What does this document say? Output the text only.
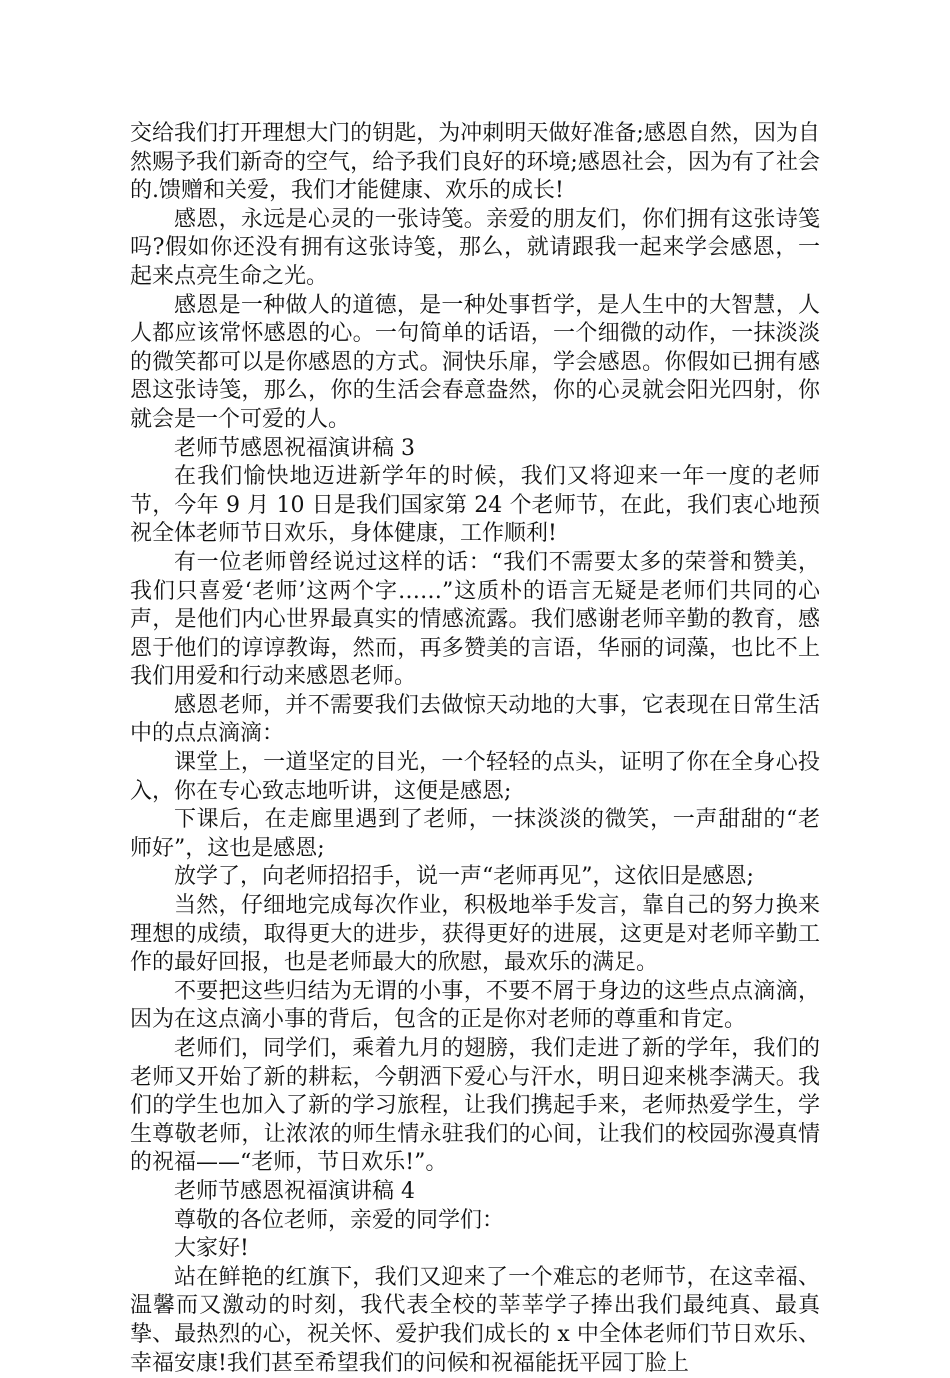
交给我们打开理想大门的钥匙，为冲刺明天做好准备;感恩自然，因为自然赐予我们新奇的空气，给予我们良好的环境;感恩社会，因为有了社会的.馈赠和关爱，我们才能健康、欢乐的成长!

感恩，永远是心灵的一张诗笺。亲爱的朋友们，你们拥有这张诗笺吗?假如你还没有拥有这张诗笺，那么，就请跟我一起来学会感恩，一起来点亮生命之光。

感恩是一种做人的道德，是一种处事哲学，是人生中的大智慧，人人都应该常怀感恩的心。一句简单的话语，一个细微的动作，一抹淡淡的微笑都可以是你感恩的方式。洞快乐扉，学会感恩。你假如已拥有感恩这张诗笺，那么，你的生活会春意盎然，你的心灵就会阳光四射，你就会是一个可爱的人。

老师节感恩祝福演讲稿 3

在我们愉快地迈进新学年的时候，我们又将迎来一年一度的老师节，今年 9 月 10 日是我们国家第 24 个老师节，在此，我们衷心地预祝全体老师节日欢乐，身体健康，工作顺利!

有一位老师曾经说过这样的话：“我们不需要太多的荣誉和赞美，我们只喜爱‘老师’这两个字……”这质朴的语言无疑是老师们共同的心声，是他们内心世界最真实的情感流露。我们感谢老师辛勤的教育，感恩于他们的谆谆教诲，然而，再多赞美的言语，华丽的词藻，也比不上我们用爱和行动来感恩老师。

感恩老师，并不需要我们去做惊天动地的大事，它表现在日常生活中的点点滴滴：

课堂上，一道坚定的目光，一个轻轻的点头，证明了你在全身心投入，你在专心致志地听讲，这便是感恩;

下课后，在走廊里遇到了老师，一抹淡淡的微笑，一声甜甜的“老师好”，这也是感恩;

放学了，向老师招招手，说一声“老师再见”，这依旧是感恩;

当然，仔细地完成每次作业，积极地举手发言，靠自己的努力换来理想的成绩，取得更大的进步，获得更好的进展，这更是对老师辛勤工作的最好回报，也是老师最大的欣慰，最欢乐的满足。

不要把这些归结为无谓的小事，不要不屑于身边的这些点点滴滴，因为在这点滴小事的背后，包含的正是你对老师的尊重和肯定。

老师们，同学们，乘着九月的翅膀，我们走进了新的学年，我们的老师又开始了新的耕耘，今朝洒下爱心与汗水，明日迎来桃李满天。我们的学生也加入了新的学习旅程，让我们携起手来，老师热爱学生，学生尊敬老师，让浓浓的师生情永驻我们的心间，让我们的校园弥漫真情的祝福——“老师，节日欢乐!”。

老师节感恩祝福演讲稿 4

尊敬的各位老师，亲爱的同学们：

大家好!

站在鲜艳的红旗下，我们又迎来了一个难忘的老师节，在这幸福、温馨而又激动的时刻，我代表全校的莘莘学子捧出我们最纯真、最真挚、最热烈的心，祝关怀、爱护我们成长的 x 中全体老师们节日欢乐、幸福安康!我们甚至希望我们的问候和祝福能抚平园丁脸上
